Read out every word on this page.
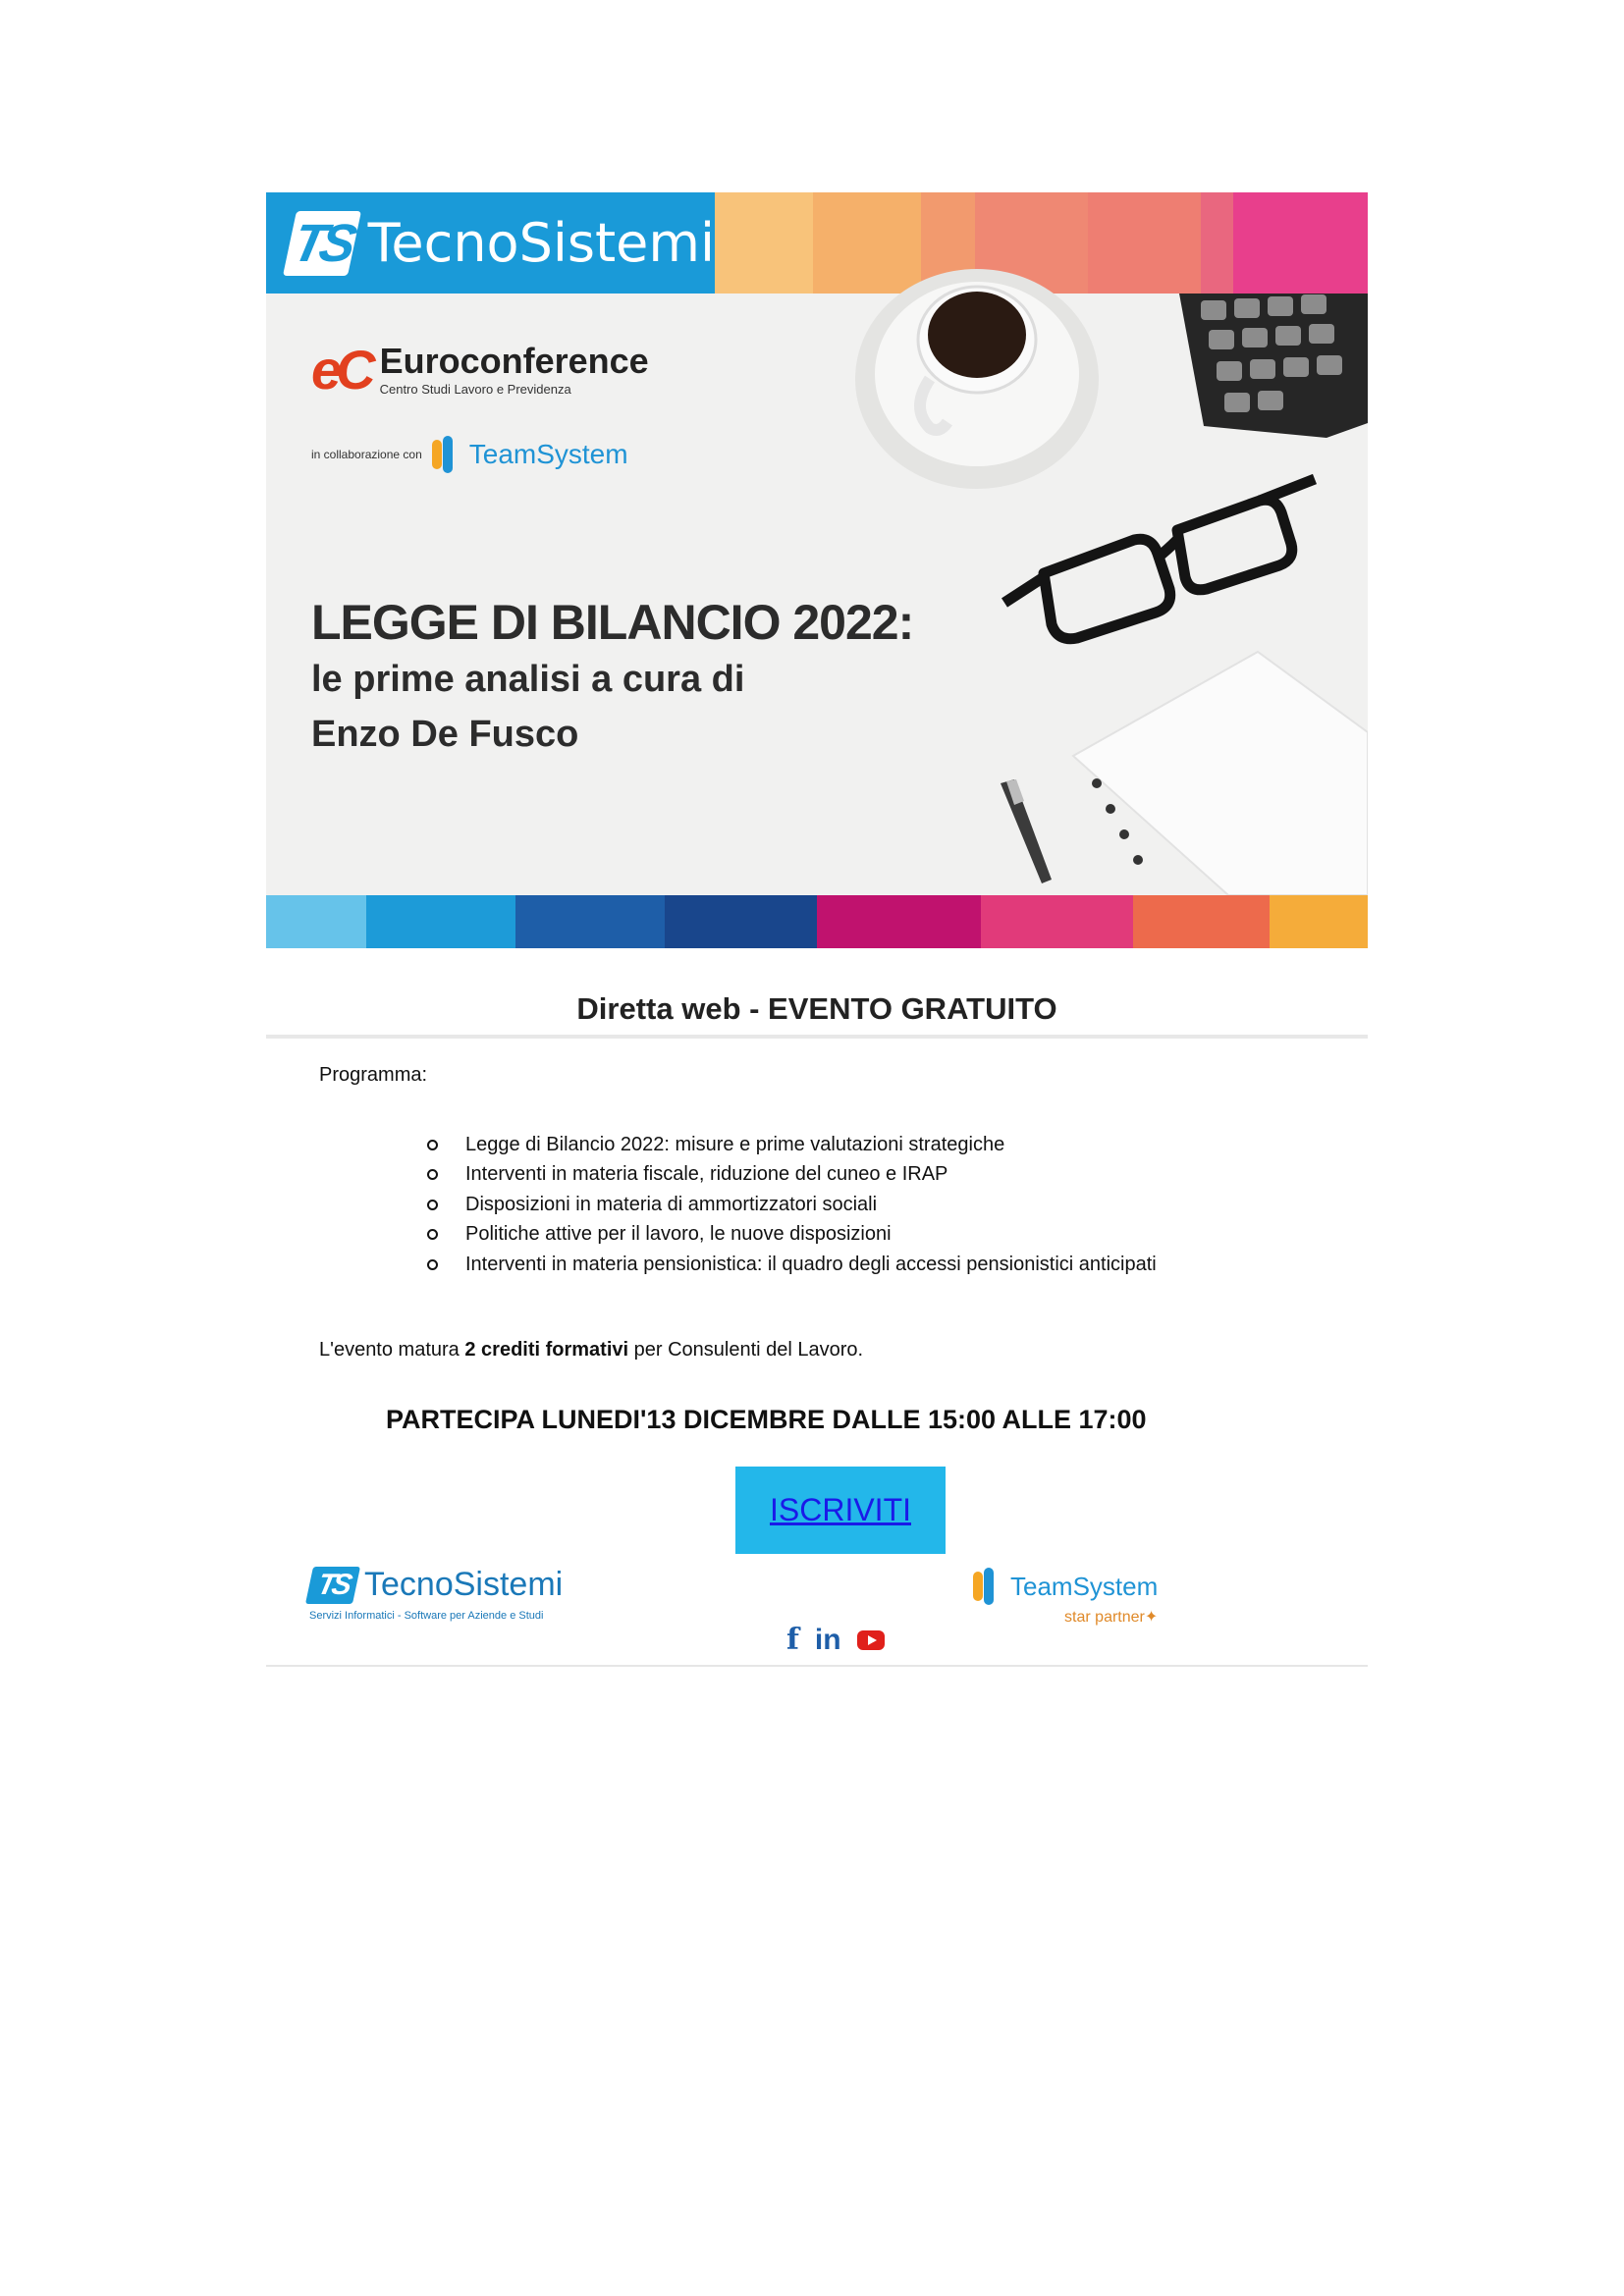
TS TecnoSistemi
eC Euroconference
Centro Studi Lavoro e Previdenza
in collaborazione con TeamSystem
LEGGE DI BILANCIO 2022:
le prime analisi a cura di
Enzo De Fusco
Diretta web - EVENTO GRATUITO
Programma:
Legge di Bilancio 2022: misure e prime valutazioni strategiche
Interventi in materia fiscale, riduzione del cuneo e IRAP
Disposizioni in materia di ammortizzatori sociali
Politiche attive per il lavoro, le nuove disposizioni
Interventi in materia pensionistica: il quadro degli accessi pensionistici anticipati
L'evento matura 2 crediti formativi per Consulenti del Lavoro.
PARTECIPA LUNEDI'13 DICEMBRE DALLE 15:00 ALLE 17:00
ISCRIVITI
TS TecnoSistemi
Servizi Informatici - Software per Aziende e Studi
TeamSystem
star partner✦
f in
